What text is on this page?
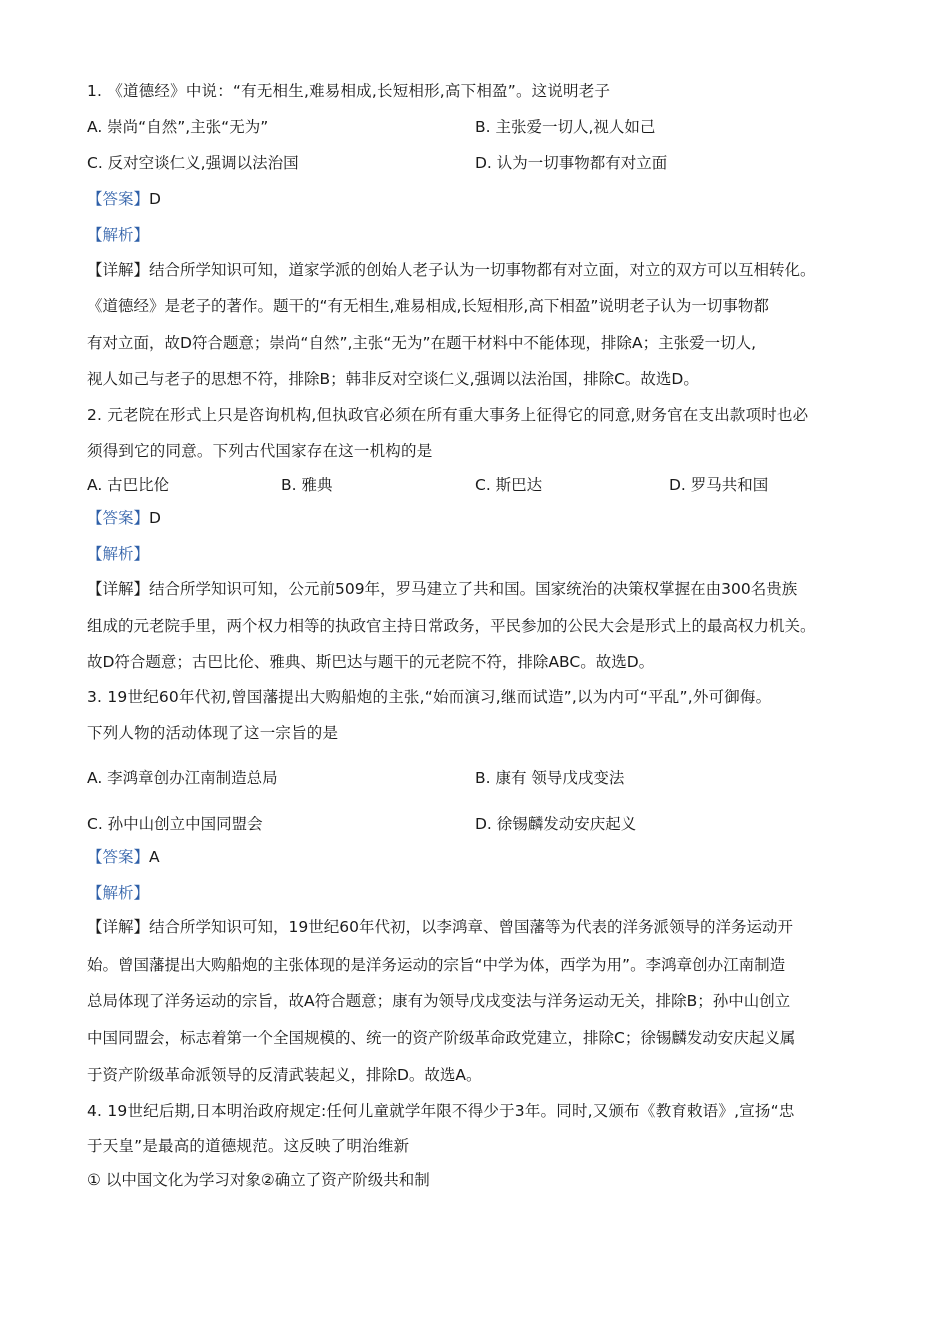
1. 《道德经》中说：“有无相生,难易相成,长短相形,高下相盈”。这说明老子
A. 崇尚“自然”,主张“无为”	B. 主张爱一切人,视人如己
C. 反对空谈仁义,强调以法治国	D. 认为一切事物都有对立面
【答案】D
【解析】
【详解】结合所学知识可知，道家学派的创始人老子认为一切事物都有对立面，对立的双方可以互相转化。
《道德经》是老子的著作。题干的“有无相生,难易相成,长短相形,高下相盈”说明老子认为一切事物都
有对立面，故D符合题意；崇尚“自然”,主张“无为”在题干材料中不能体现，排除A；主张爱一切人,
视人如己与老子的思想不符，排除B；韩非反对空谈仁义,强调以法治国，排除C。故选D。
2. 元老院在形式上只是咨询机构,但执政官必须在所有重大事务上征得它的同意,财务官在支出款项时也必
须得到它的同意。下列古代国家存在这一机构的是
A. 古巴比伦	B. 雅典	C. 斯巴达	D. 罗马共和国
【答案】D
【解析】
【详解】结合所学知识可知，公元前509年，罗马建立了共和国。国家统治的决策权掌握在由300名贵族
组成的元老院手里，两个权力相等的执政官主持日常政务，平民参加的公民大会是形式上的最高权力机关。
故D符合题意；古巴比伦、雅典、斯巴达与题干的元老院不符，排除ABC。故选D。
3. 19世纪60年代初,曾国藩提出大购船炮的主张,“始而演习,继而试造”,以为内可“平乱”,外可御侮。
下列人物的活动体现了这一宗旨的是
A. 李鸿章创办江南制造总局	B. 康有 领导戊戌变法
C. 孙中山创立中国同盟会	D. 徐锡麟发动安庆起义
【答案】A
【解析】
【详解】结合所学知识可知，19世纪60年代初，以李鸿章、曾国藩等为代表的洋务派领导的洋务运动开
始。曾国藩提出大购船炮的主张体现的是洋务运动的宗旨“中学为体，西学为用”。李鸿章创办江南制造
总局体现了洋务运动的宗旨，故A符合题意；康有为领导戊戌变法与洋务运动无关，排除B；孙中山创立
中国同盟会，标志着第一个全国规模的、统一的资产阶级革命政党建立，排除C；徐锡麟发动安庆起义属
于资产阶级革命派领导的反清武装起义，排除D。故选A。
4. 19世纪后期,日本明治政府规定:任何儿童就学年限不得少于3年。同时,又颁布《教育敕语》,宣扬“忠
于天皇”是最高的道德规范。这反映了明治维新
① 以中国文化为学习对象②确立了资产阶级共和制
